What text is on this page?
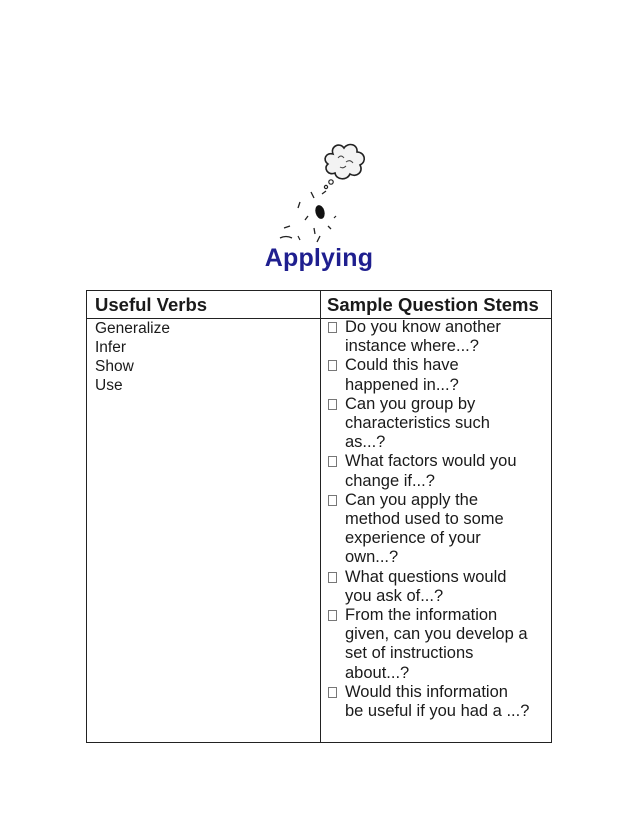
Applying
Useful Verbs	Sample Question Stems
Generalize
Infer
Show
Use
Do you know another
instance where...?
Could this have
happened in...?
Can you group by
characteristics such
as...?
What factors would you
change if...?
Can you apply the
method used to some
experience of your
own...?
What questions would
you ask of...?
From the information
given, can you develop a
set of instructions
about...?
Would this information
be useful if you had a ...?
